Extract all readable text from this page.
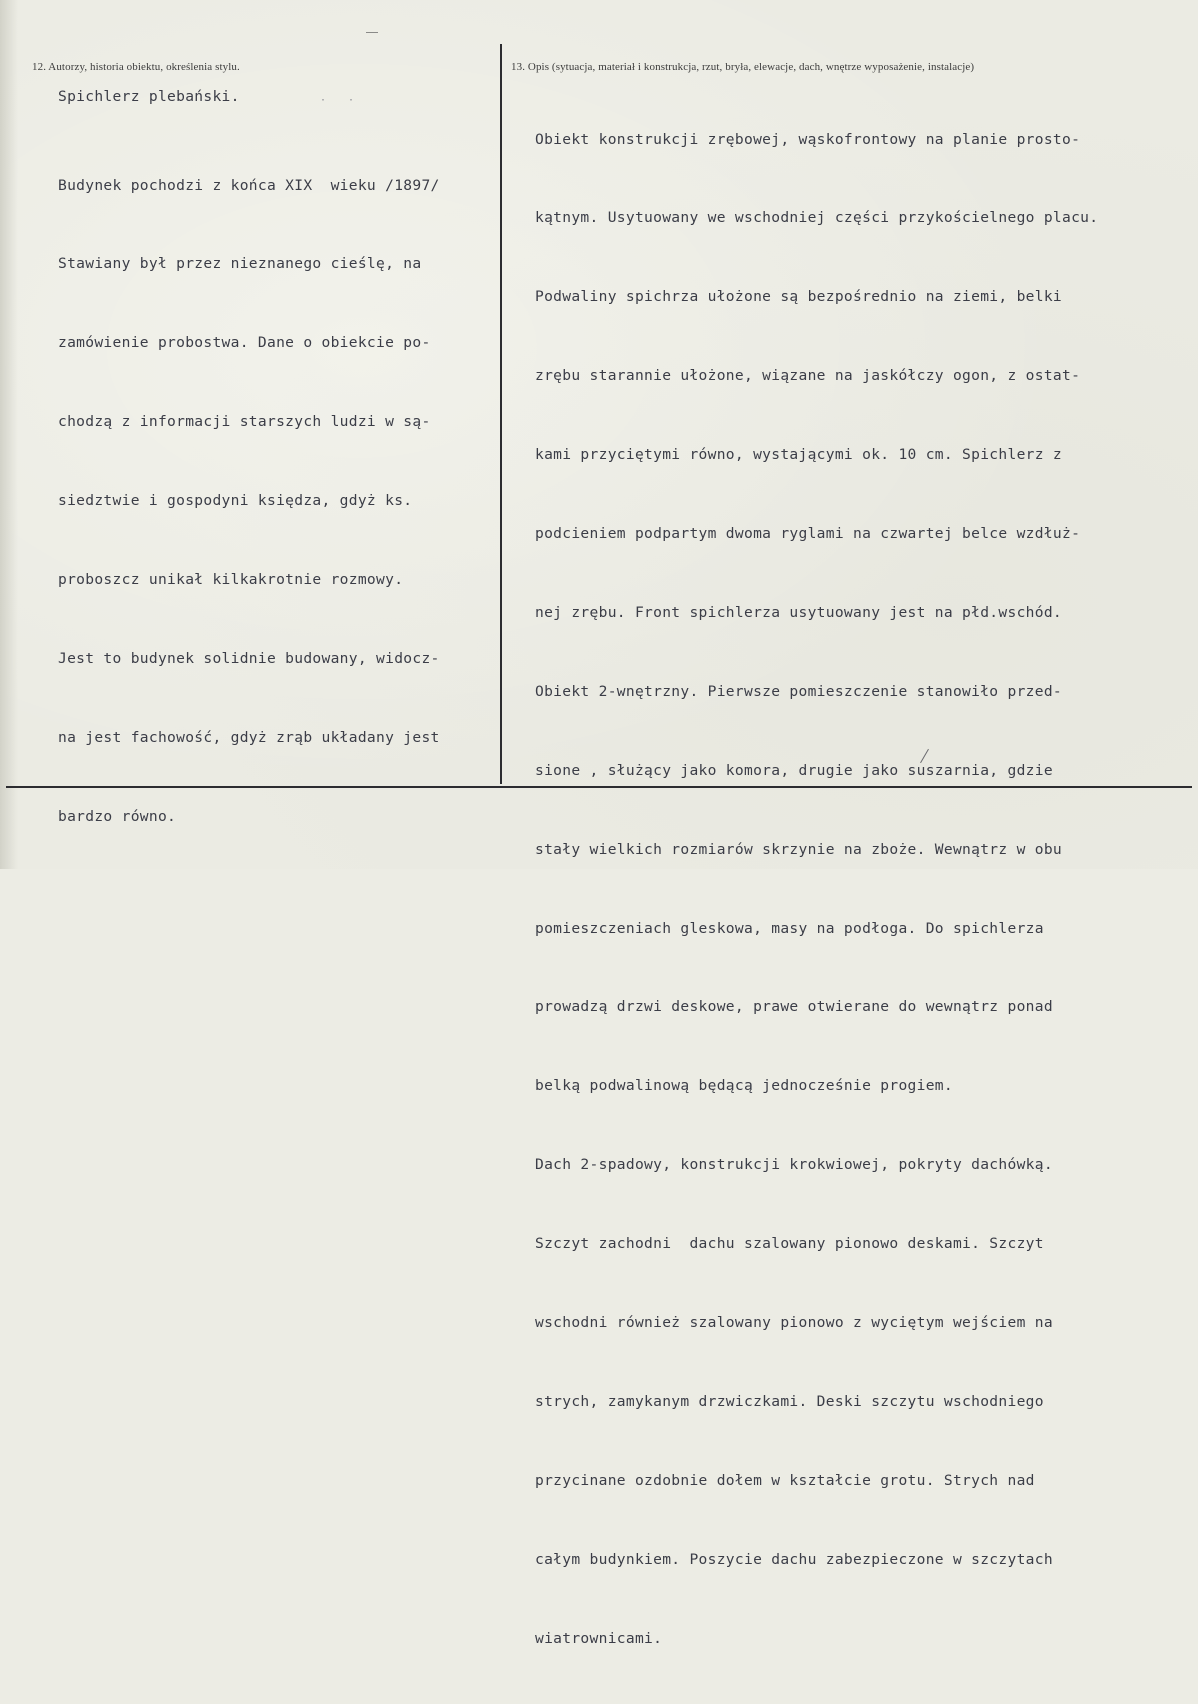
12. Autorzy, historia obiektu, określenia stylu.	13. Opis (sytuacja, materiał i konstrukcja, rzut, bryła, elewacje, dach, wnętrze wyposażenie, instalacje)
Spichlerz plebański.	· ·

Budynek pochodzi z końca XIX  wieku /1897/

Stawiany był przez nieznanego cieślę, na

zamówienie probostwa. Dane o obiekcie po-

chodzą z informacji starszych ludzi w są-

siedztwie i gospodyni księdza, gdyż ks.

proboszcz unikał kilkakrotnie rozmowy.

Jest to budynek solidnie budowany, widocz-

na jest fachowość, gdyż zrąb układany jest

bardzo równo.

Obiekt konstrukcji zrębowej, wąskofrontowy na planie prosto-

kątnym. Usytuowany we wschodniej części przykościelnego placu.

Podwaliny spichrza ułożone są bezpośrednio na ziemi, belki

zrębu starannie ułożone, wiązane na jaskółczy ogon, z ostat-

kami przyciętymi równo, wystającymi ok. 10 cm. Spichlerz z

podcieniem podpartym dwoma ryglami na czwartej belce wzdłuż-

nej zrębu. Front spichlerza usytuowany jest na płd.wschód.

Obiekt 2-wnętrzny. Pierwsze pomieszczenie stanowiło przed-

sione , służący jako komora, drugie jako suszarnia, gdzie

stały wielkich rozmiarów skrzynie na zboże. Wewnątrz w obu

pomieszczeniach gleskowa, masy na podłoga. Do spichlerza

prowadzą drzwi deskowe, prawe otwierane do wewnątrz ponad

belką podwalinową będącą jednocześnie progiem.

Dach 2-spadowy, konstrukcji krokwiowej, pokryty dachówką.

Szczyt zachodni  dachu szalowany pionowo deskami. Szczyt

wschodni również szalowany pionowo z wyciętym wejściem na

strych, zamykanym drzwiczkami. Deski szczytu wschodniego

przycinane ozdobnie dołem w kształcie grotu. Strych nad

całym budynkiem. Poszycie dachu zabezpieczone w szczytach

wiatrownicami.
